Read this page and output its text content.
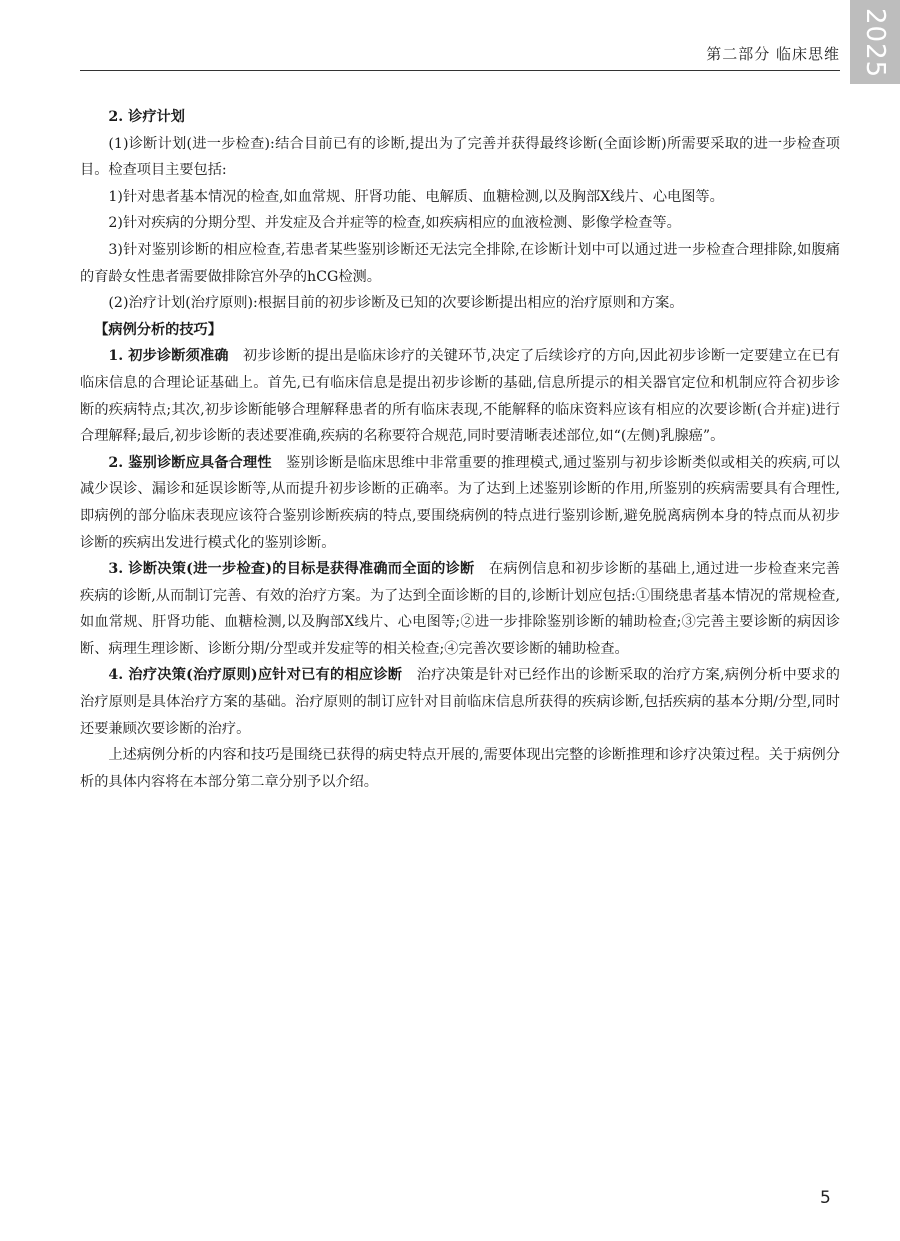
2025
第二部分 临床思维
2. 诊疗计划

(1)诊断计划(进一步检查):结合目前已有的诊断,提出为了完善并获得最终诊断(全面诊断)所需要采取的进一步检查项目。检查项目主要包括:

1)针对患者基本情况的检查,如血常规、肝肾功能、电解质、血糖检测,以及胸部X线片、心电图等。

2)针对疾病的分期分型、并发症及合并症等的检查,如疾病相应的血液检测、影像学检查等。

3)针对鉴别诊断的相应检查,若患者某些鉴别诊断还无法完全排除,在诊断计划中可以通过进一步检查合理排除,如腹痛的育龄女性患者需要做排除宫外孕的hCG检测。

(2)治疗计划(治疗原则):根据目前的初步诊断及已知的次要诊断提出相应的治疗原则和方案。

【病例分析的技巧】

1. 初步诊断须准确　 初步诊断的提出是临床诊疗的关键环节,决定了后续诊疗的方向,因此初步诊断一定要建立在已有临床信息的合理论证基础上。首先,已有临床信息是提出初步诊断的基础,信息所提示的相关器官定位和机制应符合初步诊断的疾病特点;其次,初步诊断能够合理解释患者的所有临床表现,不能解释的临床资料应该有相应的次要诊断(合并症)进行合理解释;最后,初步诊断的表述要准确,疾病的名称要符合规范,同时要清晰表述部位,如“(左侧)乳腺癌”。

2. 鉴别诊断应具备合理性　 鉴别诊断是临床思维中非常重要的推理模式,通过鉴别与初步诊断类似或相关的疾病,可以减少误诊、漏诊和延误诊断等,从而提升初步诊断的正确率。为了达到上述鉴别诊断的作用,所鉴别的疾病需要具有合理性,即病例的部分临床表现应该符合鉴别诊断疾病的特点,要围绕病例的特点进行鉴别诊断,避免脱离病例本身的特点而从初步诊断的疾病出发进行模式化的鉴别诊断。

3. 诊断决策(进一步检查)的目标是获得准确而全面的诊断　 在病例信息和初步诊断的基础上,通过进一步检查来完善疾病的诊断,从而制订完善、有效的治疗方案。为了达到全面诊断的目的,诊断计划应包括:①围绕患者基本情况的常规检查,如血常规、肝肾功能、血糖检测,以及胸部X线片、心电图等;②进一步排除鉴别诊断的辅助检查;③完善主要诊断的病因诊断、病理生理诊断、诊断分期/分型或并发症等的相关检查;④完善次要诊断的辅助检查。

4. 治疗决策(治疗原则)应针对已有的相应诊断　 治疗决策是针对已经作出的诊断采取的治疗方案,病例分析中要求的治疗原则是具体治疗方案的基础。治疗原则的制订应针对目前临床信息所获得的疾病诊断,包括疾病的基本分期/分型,同时还要兼顾次要诊断的治疗。

上述病例分析的内容和技巧是围绕已获得的病史特点开展的,需要体现出完整的诊断推理和诊疗决策过程。关于病例分析的具体内容将在本部分第二章分别予以介绍。

5
